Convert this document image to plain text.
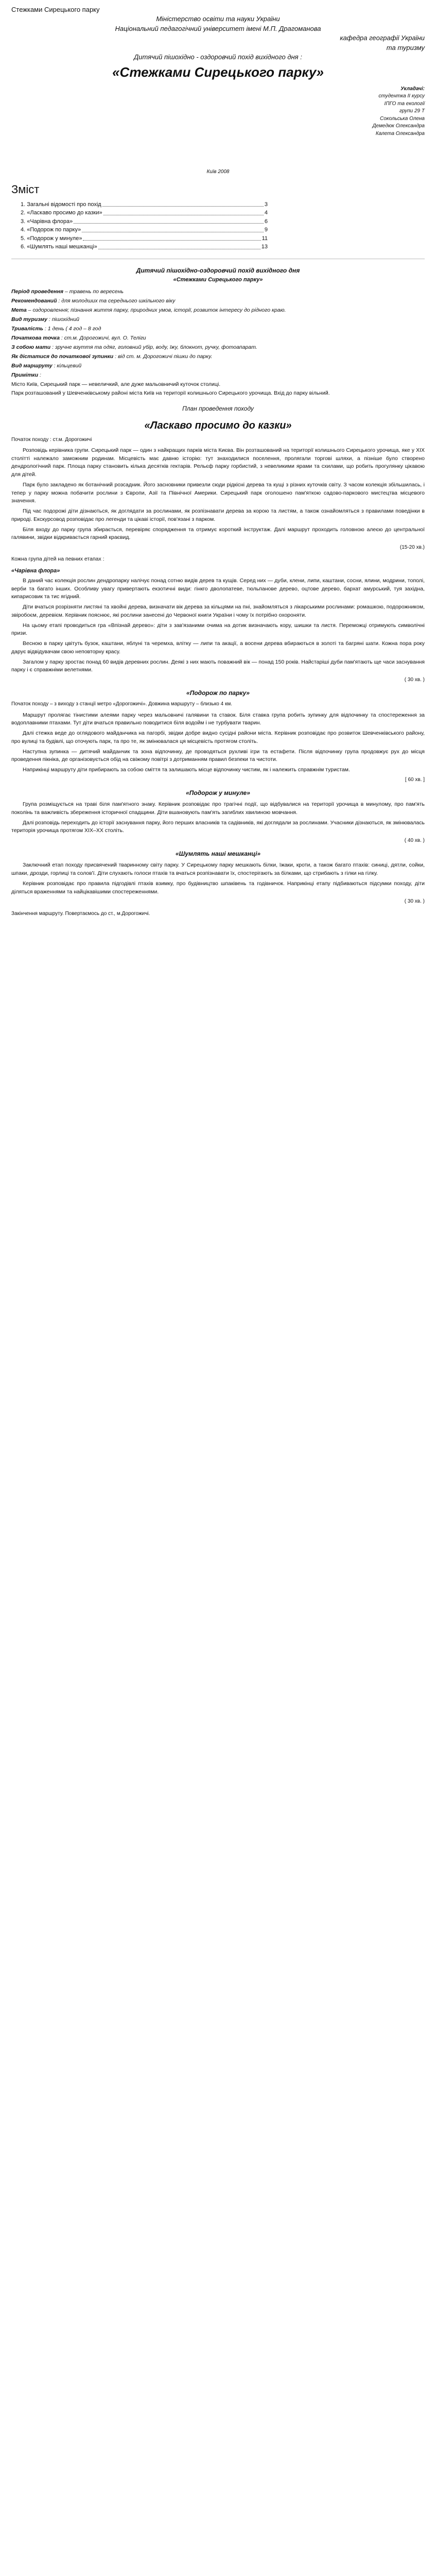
Стежками Сирецького парку
Міністерство освіти та науки України
Національний педагогічний університет імені М.П. Драгоманова
кафедра географії України
та туризму
Дитячий пішохідно - оздоровчий похід вихідного дня :
«Стежками Сирецького парку»
Укладачі:
студентка ІІ курсу
ІПГО та екології
групи 29 Т
Сокольська Олена
Демедюк Олександра
Калета Олександра
Київ 2008
Зміст
1. Загальні відомості про похід	3
2. «Ласкаво просимо до казки»	4
3. «Чарівна флора»	6
4. «Подорож по парку»	9
5. «Подорож у минуле»	11
6. «Шумлять наші мешканці»	13
Дитячий пішохідно-оздоровчий похід вихідного дня
«Стежками Сирецького парку»
Період проведення – травень по вересень
Рекомендований : для молодших та середнього шкільного віку
Мета – оздоровлення; пізнання життя парку, природних умов, історії, розвиток інтересу до рідного краю.
Вид туризму : пішохідний
Тривалість : 1 день ( 4 год – 8 год
Початкова точка : ст.м. Дорогожичі, вул. О. Теліги
З собою мати : зручне взуття та одяг, головний убір, воду, їжу, блокнот, ручку, фотоапарат.
Як дістатися до початкової зупинки : від ст. м. Дорогожичі пішки до парку.
Вид маршруту : кільцевий
Примітки :

Місто Київ, Сирецький парк — невеличкий, але дуже мальовничий куточок столиці.

Парк розташований у Шевченківському районі міста Київ на території колишнього Сирецького урочища. Вхід до парку вільний.

План проведення походу
«Ласкаво просимо до казки»
Початок походу : ст.м. Дорогожичі

Розповідь керівника групи. Сирецький парк — один з найкращих парків міста Києва. Він розташований на території колишнього Сирецького урочища, яке у XIX столітті належало заможним родинам. Місцевість має давню історію: тут знаходилися поселення, пролягали торгові шляхи, а пізніше було створено дендрологічний парк. Площа парку становить кілька десятків гектарів. Рельєф парку горбистий, з невеликими ярами та схилами, що робить прогулянку цікавою для дітей.

Парк було закладено як ботанічний розсадник. Його засновники привезли сюди рідкісні дерева та кущі з різних куточків світу. З часом колекція збільшилась, і тепер у парку можна побачити рослини з Європи, Азії та Північної Америки. Сирецький парк оголошено пам'яткою садово-паркового мистецтва місцевого значення.

Під час подорожі діти дізнаються, як доглядати за рослинами, як розпізнавати дерева за корою та листям, а також ознайомляться з правилами поведінки в природі. Екскурсовод розповідає про легенди та цікаві історії, пов'язані з парком.

Біля входу до парку група збирається, перевіряє спорядження та отримує короткий інструктаж. Далі маршрут проходить головною алеєю до центральної галявини, звідки відкривається гарний краєвид.

(15-20 хв.)
Кожна група дітей на певних етапах :
«Чарівна флора»

В даний час колекція рослин дендропарку налічує понад сотню видів дерев та кущів. Серед них — дуби, клени, липи, каштани, сосни, ялини, модрини, тополі, верби та багато інших. Особливу увагу привертають екзотичні види: гінкго дволопатеве, тюльпанове дерево, оцтове дерево, бархат амурський, туя західна, кипарисовик та тис ягідний.

Діти вчаться розрізняти листяні та хвойні дерева, визначати вік дерева за кільцями на пні, знайомляться з лікарськими рослинами: ромашкою, подорожником, звіробоєм, деревієм. Керівник пояснює, які рослини занесені до Червоної книги України і чому їх потрібно охороняти.

На цьому етапі проводиться гра «Впізнай дерево»: діти з зав'язаними очима на дотик визначають кору, шишки та листя. Переможці отримують символічні призи.

Весною в парку цвітуть бузок, каштани, яблуні та черемха, влітку — липи та акації, а восени дерева вбираються в золоті та багряні шати. Кожна пора року дарує відвідувачам свою неповторну красу.

Загалом у парку зростає понад 60 видів деревних рослин. Деякі з них мають поважний вік — понад 150 років. Найстаріші дуби пам'ятають ще часи заснування парку і є справжніми велетнями.

( 30 хв. )
«Подорож по парку»
Початок походу – з виходу з станції метро «Дорогожичі». Довжина маршруту – близько 4 км.

Маршрут пролягає тінистими алеями парку через мальовничі галявини та ставок. Біля ставка група робить зупинку для відпочинку та спостереження за водоплавними птахами. Тут діти вчаться правильно поводитися біля водойм і не турбувати тварин.

Далі стежка веде до оглядового майданчика на пагорбі, звідки добре видно сусідні райони міста. Керівник розповідає про розвиток Шевченківського району, про вулиці та будівлі, що оточують парк, та про те, як змінювалася ця місцевість протягом століть.

Наступна зупинка — дитячий майданчик та зона відпочинку, де проводяться рухливі ігри та естафети. Після відпочинку група продовжує рух до місця проведення пікніка, де організовується обід на свіжому повітрі з дотриманням правил безпеки та чистоти.

Наприкінці маршруту діти прибирають за собою сміття та залишають місце відпочинку чистим, як і належить справжнім туристам.

[ 60 хв. ]
«Подорож у минуле»

Група розміщується на траві біля пам'ятного знаку. Керівник розповідає про трагічні події, що відбувалися на території урочища в минулому, про пам'ять поколінь та важливість збереження історичної спадщини. Діти вшановують пам'ять загиблих хвилиною мовчання.

Далі розповідь переходить до історії заснування парку, його перших власників та садівників, які доглядали за рослинами. Учасники дізнаються, як змінювалась територія урочища протягом XIX–XX століть.

( 40 хв. )
«Шумлять наші мешканці»

Заключний етап походу присвячений тваринному світу парку. У Сирецькому парку мешкають білки, їжаки, кроти, а також багато птахів: синиці, дятли, сойки, шпаки, дрозди, горлиці та солов'ї. Діти слухають голоси птахів та вчаться розпізнавати їх, спостерігають за білками, що стрибають з гілки на гілку.

Керівник розповідає про правила підгодівлі птахів взимку, про будівництво шпаківень та годівничок. Наприкінці етапу підбиваються підсумки походу, діти діляться враженнями та найцікавішими спостереженнями.

( 30 хв. )
Закінчення маршруту. Повертаємось до ст., м.Дорогожичі.
